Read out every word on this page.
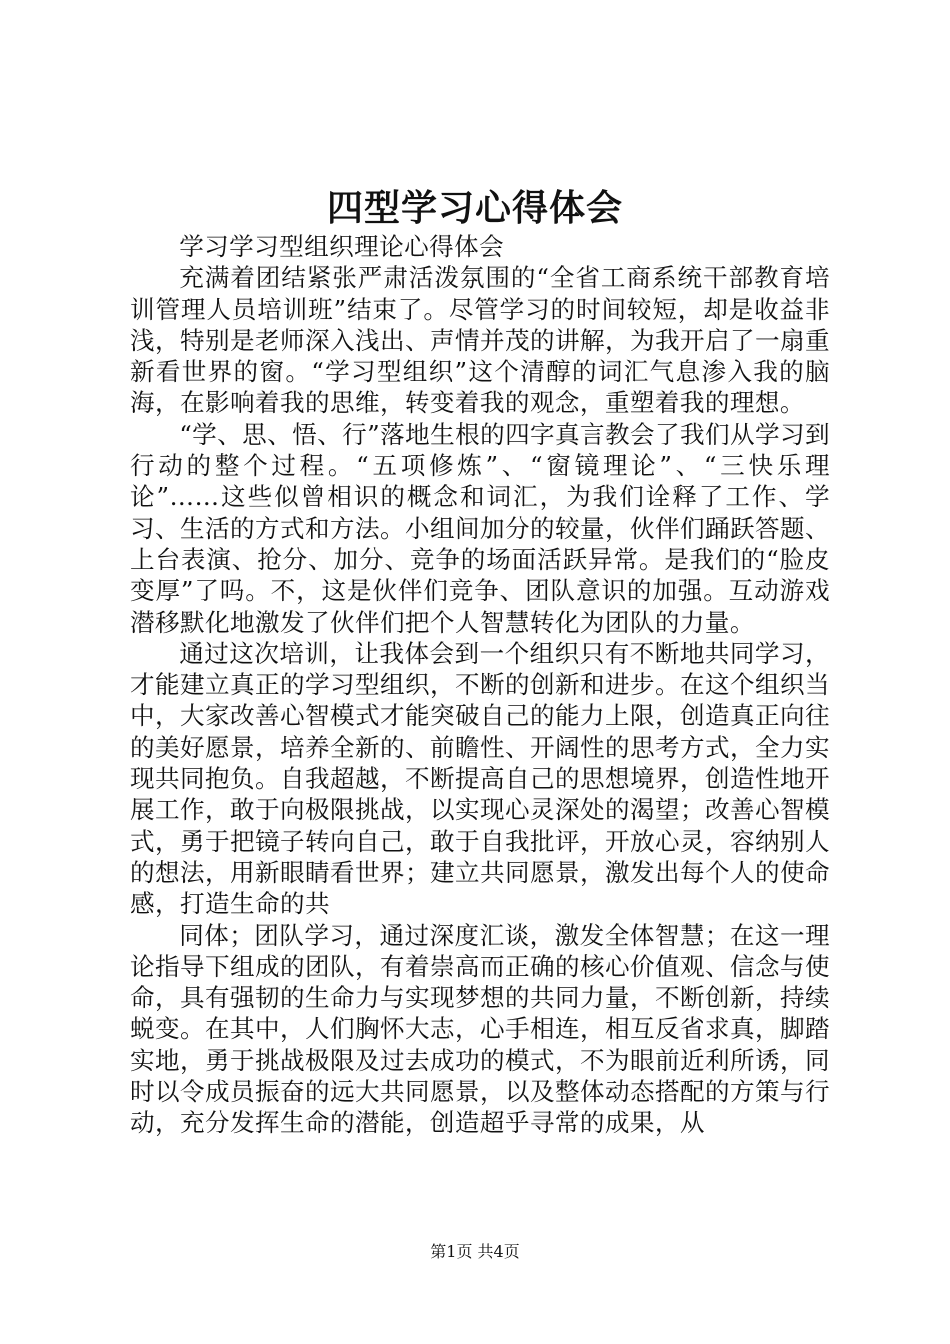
四型学习心得体会

学习学习型组织理论心得体会

充满着团结紧张严肃活泼氛围的“全省工商系统干部教育培训管理人员培训班”结束了。尽管学习的时间较短，却是收益非浅，特别是老师深入浅出、声情并茂的讲解，为我开启了一扇重新看世界的窗。“学习型组织”这个清醇的词汇气息渗入我的脑海，在影响着我的思维，转变着我的观念，重塑着我的理想。

“学、思、悟、行”落地生根的四字真言教会了我们从学习到行动的整个过程。“五项修炼”、“窗镜理论”、“三快乐理论”……这些似曾相识的概念和词汇，为我们诠释了工作、学习、生活的方式和方法。小组间加分的较量，伙伴们踊跃答题、上台表演、抢分、加分、竞争的场面活跃异常。是我们的“脸皮变厚”了吗。不，这是伙伴们竞争、团队意识的加强。互动游戏潜移默化地激发了伙伴们把个人智慧转化为团队的力量。

通过这次培训，让我体会到一个组织只有不断地共同学习，才能建立真正的学习型组织，不断的创新和进步。在这个组织当中，大家改善心智模式才能突破自己的能力上限，创造真正向往的美好愿景，培养全新的、前瞻性、开阔性的思考方式，全力实现共同抱负。自我超越，不断提高自己的思想境界，创造性地开展工作，敢于向极限挑战，以实现心灵深处的渴望；改善心智模式，勇于把镜子转向自己，敢于自我批评，开放心灵，容纳别人的想法，用新眼睛看世界；建立共同愿景，激发出每个人的使命感，打造生命的共

同体；团队学习，通过深度汇谈，激发全体智慧；在这一理论指导下组成的团队，有着崇高而正确的核心价值观、信念与使命，具有强韧的生命力与实现梦想的共同力量，不断创新，持续蜕变。在其中，人们胸怀大志，心手相连，相互反省求真，脚踏实地，勇于挑战极限及过去成功的模式，不为眼前近利所诱，同时以令成员振奋的远大共同愿景，以及整体动态搭配的方策与行动，充分发挥生命的潜能，创造超乎寻常的成果，从

第1页 共4页
